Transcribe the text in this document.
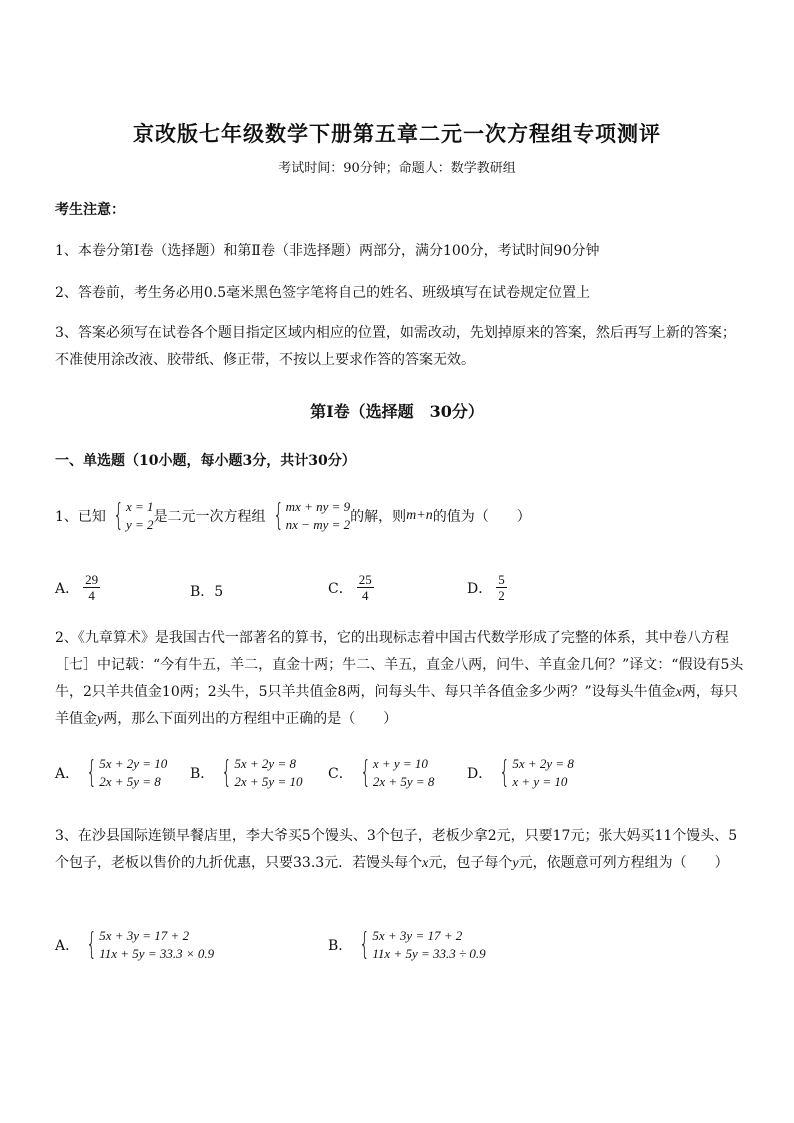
京改版七年级数学下册第五章二元一次方程组专项测评
考试时间：90分钟；命题人：数学教研组
考生注意：
1、本卷分第Ⅰ卷（选择题）和第Ⅱ卷（非选择题）两部分，满分100分，考试时间90分钟
2、答卷前，考生务必用0.5毫米黑色签字笔将自己的姓名、班级填写在试卷规定位置上
3、答案必须写在试卷各个题目指定区域内相应的位置，如需改动，先划掉原来的答案，然后再写上新的答案；不准使用涂改液、胶带纸、修正带，不按以上要求作答的答案无效。
第Ⅰ卷（选择题　30分）
一、单选题（10小题，每小题3分，共计30分）
1、已知 { x = 1
y = 2 是二元一次方程组 { mx + ny = 9
nx − my = 2 的解，则 m+n 的值为（　　）
A． $\frac{29}{4}$	B．5	C． $\frac{25}{4}$	D． $\frac{5}{2}$
2、《九章算术》是我国古代一部著名的算书，它的出现标志着中国古代数学形成了完整的体系，其中卷八方程［七］中记载：“今有牛五，羊二，直金十两；牛二、羊五，直金八两，问牛、羊直金几何？”译文：“假设有5头牛，2只羊共值金10两；2头牛，5只羊共值金8两，问每头牛、每只羊各值金多少两？”设每头牛值金x两，每只羊值金y两，那么下面列出的方程组中正确的是（　　）
A． { 5x + 2y = 10
2x + 5y = 8	B． { 5x + 2y = 8
2x + 5y = 10 C． { x + y = 10
2x + 5y = 8 D． { 5x + 2y = 8
x + y = 10
3、在沙县国际连锁早餐店里，李大爷买5个馒头、3个包子，老板少拿2元，只要17元；张大妈买11个馒头、5个包子，老板以售价的九折优惠，只要33.3元．若馒头每个x元，包子每个y元，依题意可列方程组为（　　）
A． { 5x + 3y = 17 + 2
11x + 5y = 33.3 × 0.9	B． { 5x + 3y = 17 + 2
11x + 5y = 33.3 ÷ 0.9
